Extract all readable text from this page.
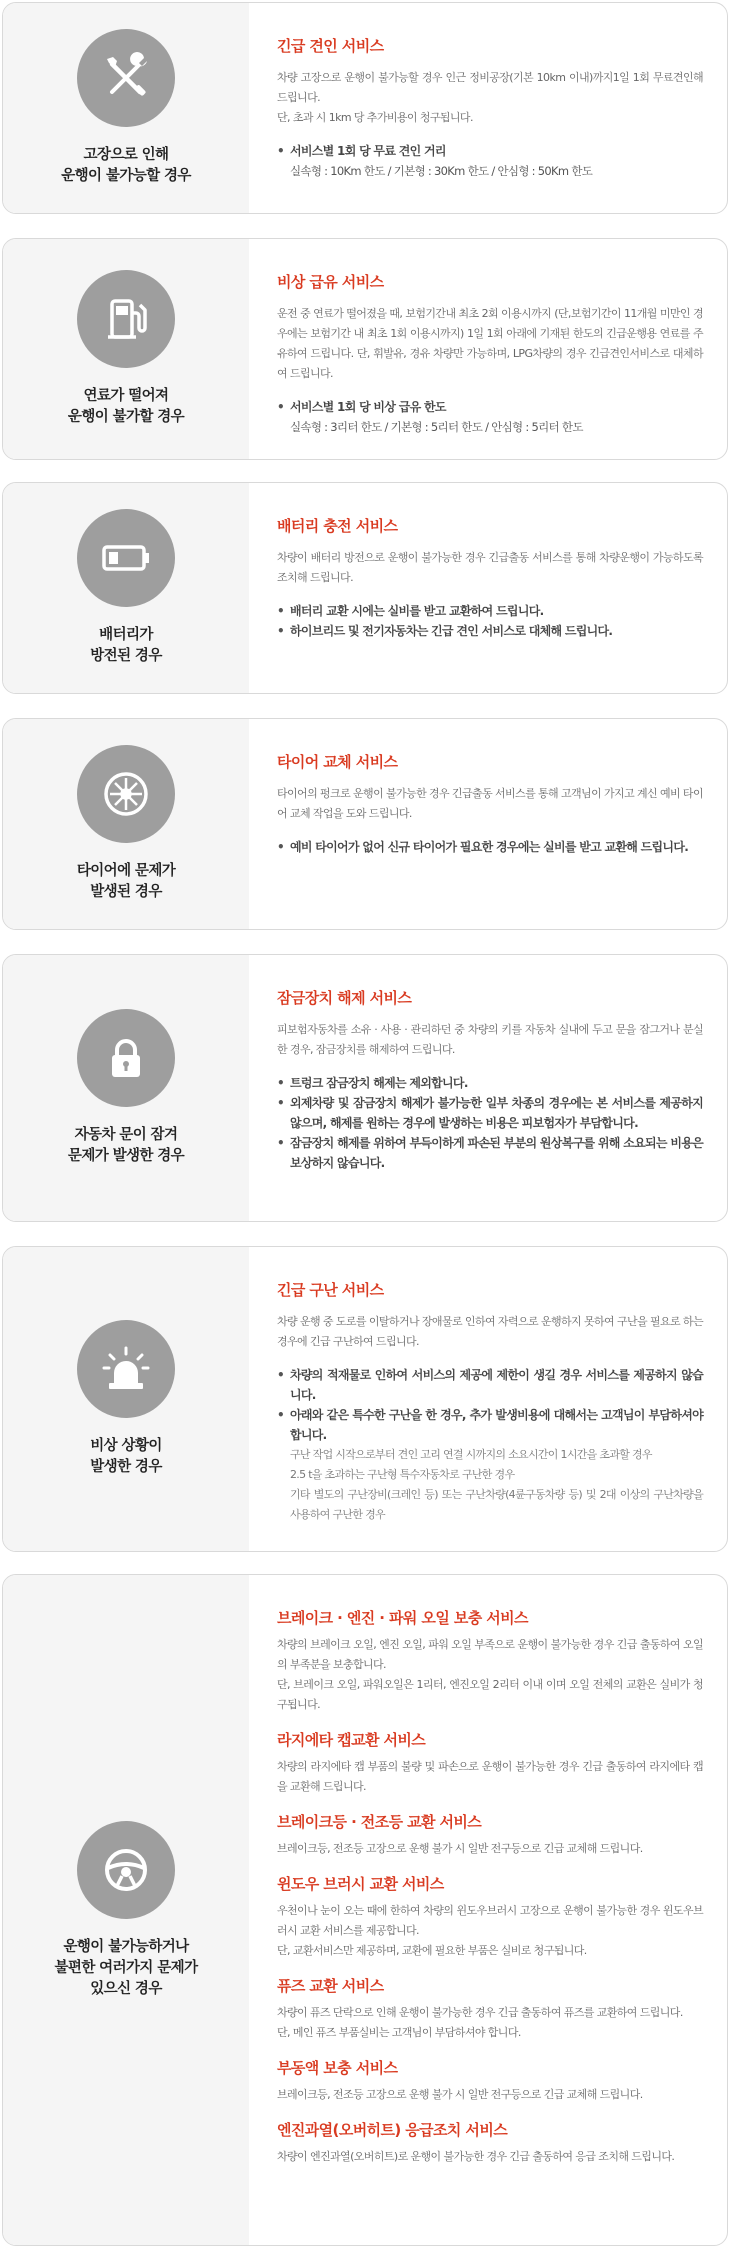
고장으로 인해
운행이 불가능할 경우
긴급 견인 서비스

차량 고장으로 운행이 불가능할 경우 인근 정비공장(기본 10km 이내)까지1일 1회 무료견인해 드립니다.
단, 초과 시 1km 당 추가비용이 청구됩니다.

• 서비스별 1회 당 무료 견인 거리
실속형 : 10Km 한도 / 기본형 : 30Km 한도 / 안심형 : 50Km 한도
연료가 떨어져
운행이 불가할 경우
비상 급유 서비스

운전 중 연료가 떨어졌을 때, 보험기간내 최초 2회 이용시까지 (단,보험기간이 11개월 미만인 경우에는 보험기간 내 최초 1회 이용시까지) 1일 1회 아래에 기재된 한도의 긴급운행용 연료를 주유하여 드립니다. 단, 휘발유, 경유 차량만 가능하며, LPG차량의 경우 긴급견인서비스로 대체하여 드립니다.

• 서비스별 1회 당 비상 급유 한도
실속형 : 3리터 한도 / 기본형 : 5리터 한도 / 안심형 : 5리터 한도
배터리가
방전된 경우
배터리 충전 서비스

차량이 배터리 방전으로 운행이 불가능한 경우 긴급출동 서비스를 통해 차량운행이 가능하도록 조치해 드립니다.

• 배터리 교환 시에는 실비를 받고 교환하여 드립니다.
• 하이브리드 및 전기자동차는 긴급 견인 서비스로 대체해 드립니다.
타이어에 문제가
발생된 경우
타이어 교체 서비스

타이어의 펑크로 운행이 불가능한 경우 긴급출동 서비스를 통해 고객님이 가지고 계신 예비 타이어 교체 작업을 도와 드립니다.

• 예비 타이어가 없어 신규 타이어가 필요한 경우에는 실비를 받고 교환해 드립니다.
자동차 문이 잠겨
문제가 발생한 경우
잠금장치 해제 서비스

피보험자동차를 소유 · 사용 · 관리하던 중 차량의 키를 자동차 실내에 두고 문을 잠그거나 분실한 경우, 잠금장치를 해제하여 드립니다.

• 트렁크 잠금장치 해제는 제외합니다.
• 외제차량 및 잠금장치 해제가 불가능한 일부 차종의 경우에는 본 서비스를 제공하지 않으며, 해제를 원하는 경우에 발생하는 비용은 피보험자가 부담합니다.
• 잠금장치 해제를 위하여 부득이하게 파손된 부분의 원상복구를 위해 소요되는 비용은 보상하지 않습니다.
비상 상황이
발생한 경우
긴급 구난 서비스

차량 운행 중 도로를 이탈하거나 장애물로 인하여 자력으로 운행하지 못하여 구난을 필요로 하는 경우에 긴급 구난하여 드립니다.

• 차량의 적재물로 인하여 서비스의 제공에 제한이 생길 경우 서비스를 제공하지 않습니다.
• 아래와 같은 특수한 구난을 한 경우, 추가 발생비용에 대해서는 고객님이 부담하셔야 합니다.
구난 작업 시작으로부터 견인 고리 연결 시까지의 소요시간이 1시간을 초과할 경우
2.5 t을 초과하는 구난형 특수자동차로 구난한 경우
기타 별도의 구난장비(크레인 등) 또는 구난차량(4륜구동차량 등) 및 2대 이상의 구난차량을 사용하여 구난한 경우
운행이 불가능하거나
불편한 여러가지 문제가
있으신 경우
브레이크 · 엔진 · 파워 오일 보충 서비스

차량의 브레이크 오일, 엔진 오일, 파워 오일 부족으로 운행이 불가능한 경우 긴급 출동하여 오일의 부족분을 보충합니다.
단, 브레이크 오일, 파워오일은 1리터, 엔진오일 2리터 이내 이며 오일 전체의 교환은 실비가 청구됩니다.

라지에타 캡교환 서비스

차량의 라지에타 캡 부품의 불량 및 파손으로 운행이 불가능한 경우 긴급 출동하여 라지에타 캡을 교환해 드립니다.

브레이크등 · 전조등 교환 서비스

브레이크등, 전조등 고장으로 운행 불가 시 일반 전구등으로 긴급 교체해 드립니다.

윈도우 브러시 교환 서비스

우천이나 눈이 오는 때에 한하여 차량의 윈도우브러시 고장으로 운행이 불가능한 경우 윈도우브러시 교환 서비스를 제공합니다.
단, 교환서비스만 제공하며, 교환에 필요한 부품은 실비로 청구됩니다.

퓨즈 교환 서비스

차량이 퓨즈 단락으로 인해 운행이 불가능한 경우 긴급 출동하여 퓨즈를 교환하여 드립니다.
단, 메인 퓨즈 부품실비는 고객님이 부담하셔야 합니다.

부동액 보충 서비스

브레이크등, 전조등 고장으로 운행 불가 시 일반 전구등으로 긴급 교체해 드립니다.

엔진과열(오버히트) 응급조치 서비스

차량이 엔진과열(오버히트)로 운행이 불가능한 경우 긴급 출동하여 응급 조치해 드립니다.
